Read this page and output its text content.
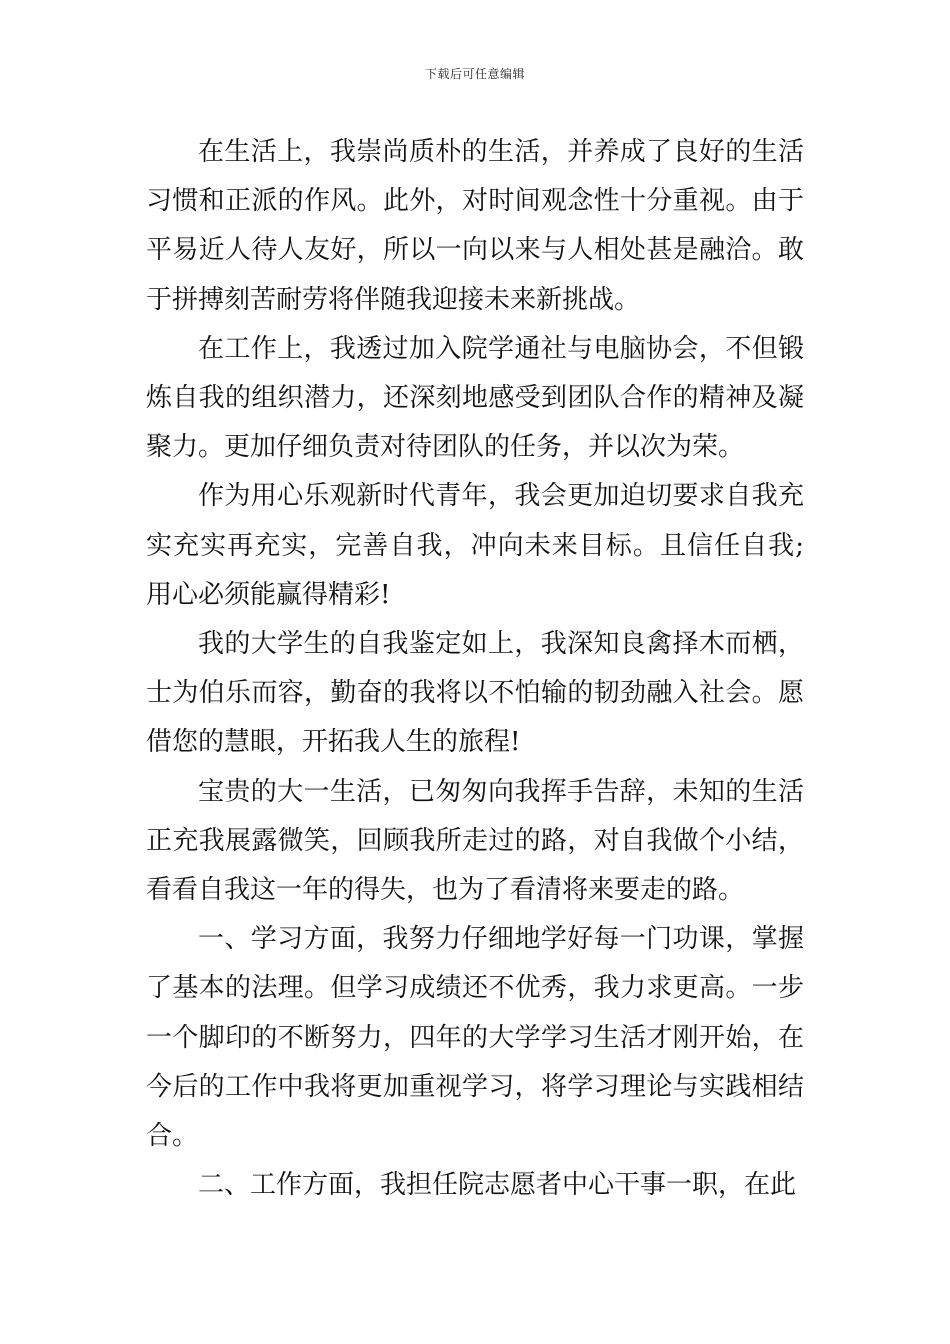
下载后可任意编辑

在生活上，我崇尚质朴的生活，并养成了良好的生活习惯和正派的作风。此外，对时间观念性十分重视。由于平易近人待人友好，所以一向以来与人相处甚是融洽。敢于拼搏刻苦耐劳将伴随我迎接未来新挑战。

在工作上，我透过加入院学通社与电脑协会，不但锻炼自我的组织潜力，还深刻地感受到团队合作的精神及凝聚力。更加仔细负责对待团队的任务，并以次为荣。

作为用心乐观新时代青年，我会更加迫切要求自我充实充实再充实，完善自我，冲向未来目标。且信任自我;用心必须能赢得精彩!

我的大学生的自我鉴定如上，我深知良禽择木而栖，士为伯乐而容，勤奋的我将以不怕输的韧劲融入社会。愿借您的慧眼，开拓我人生的旅程!

宝贵的大一生活，已匆匆向我挥手告辞，未知的生活正充我展露微笑，回顾我所走过的路，对自我做个小结，看看自我这一年的得失，也为了看清将来要走的路。

一、学习方面，我努力仔细地学好每一门功课，掌握了基本的法理。但学习成绩还不优秀，我力求更高。一步一个脚印的不断努力，四年的大学学习生活才刚开始，在今后的工作中我将更加重视学习，将学习理论与实践相结合。

二、工作方面，我担任院志愿者中心干事一职，在此
